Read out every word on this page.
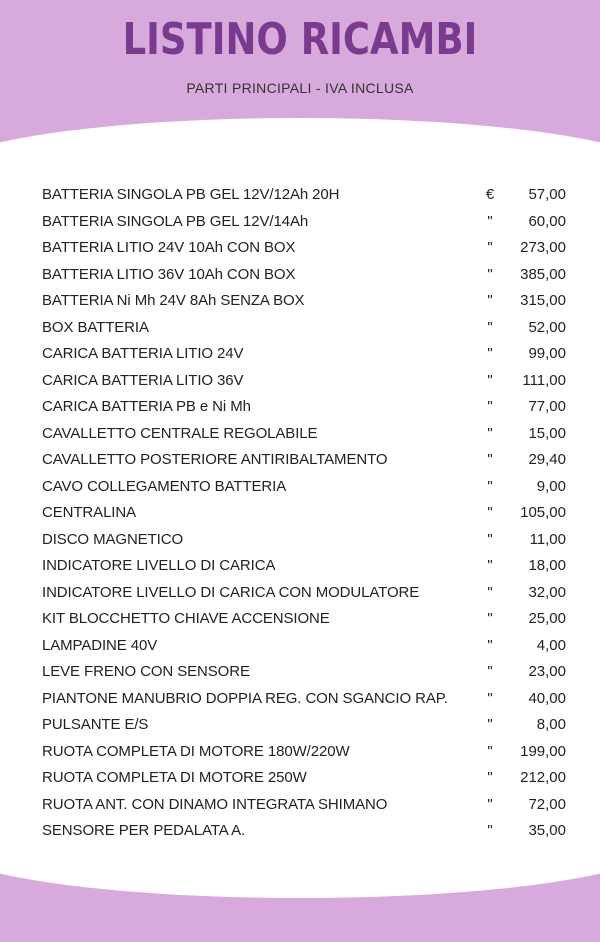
LISTINO RICAMBI
PARTI PRINCIPALI - IVA INCLUSA
BATTERIA SINGOLA PB GEL 12V/12Ah 20H	€ 57,00
BATTERIA SINGOLA PB GEL 12V/14Ah	"	60,00
BATTERIA LITIO 24V 10Ah CON BOX	"	273,00
BATTERIA LITIO 36V 10Ah CON BOX	"	385,00
BATTERIA Ni Mh 24V 8Ah SENZA BOX	"	315,00
BOX BATTERIA	"	52,00
CARICA BATTERIA LITIO 24V	"	99,00
CARICA BATTERIA LITIO 36V	"	111,00
CARICA BATTERIA PB e Ni Mh	"	77,00
CAVALLETTO CENTRALE REGOLABILE	"	15,00
CAVALLETTO POSTERIORE ANTIRIBALTAMENTO	"	29,40
CAVO COLLEGAMENTO BATTERIA	"	9,00
CENTRALINA	"	105,00
DISCO MAGNETICO	"	11,00
INDICATORE LIVELLO DI CARICA	"	18,00
INDICATORE LIVELLO DI CARICA CON MODULATORE	"	32,00
KIT BLOCCHETTO CHIAVE ACCENSIONE	"	25,00
LAMPADINE 40V	"	4,00
LEVE FRENO CON SENSORE	"	23,00
PIANTONE MANUBRIO DOPPIA REG. CON SGANCIO RAP.	"	40,00
PULSANTE E/S	"	8,00
RUOTA COMPLETA DI MOTORE 180W/220W	"	199,00
RUOTA COMPLETA DI MOTORE 250W	"	212,00
RUOTA ANT. CON DINAMO INTEGRATA SHIMANO	"	72,00
SENSORE PER PEDALATA A.	"	35,00
